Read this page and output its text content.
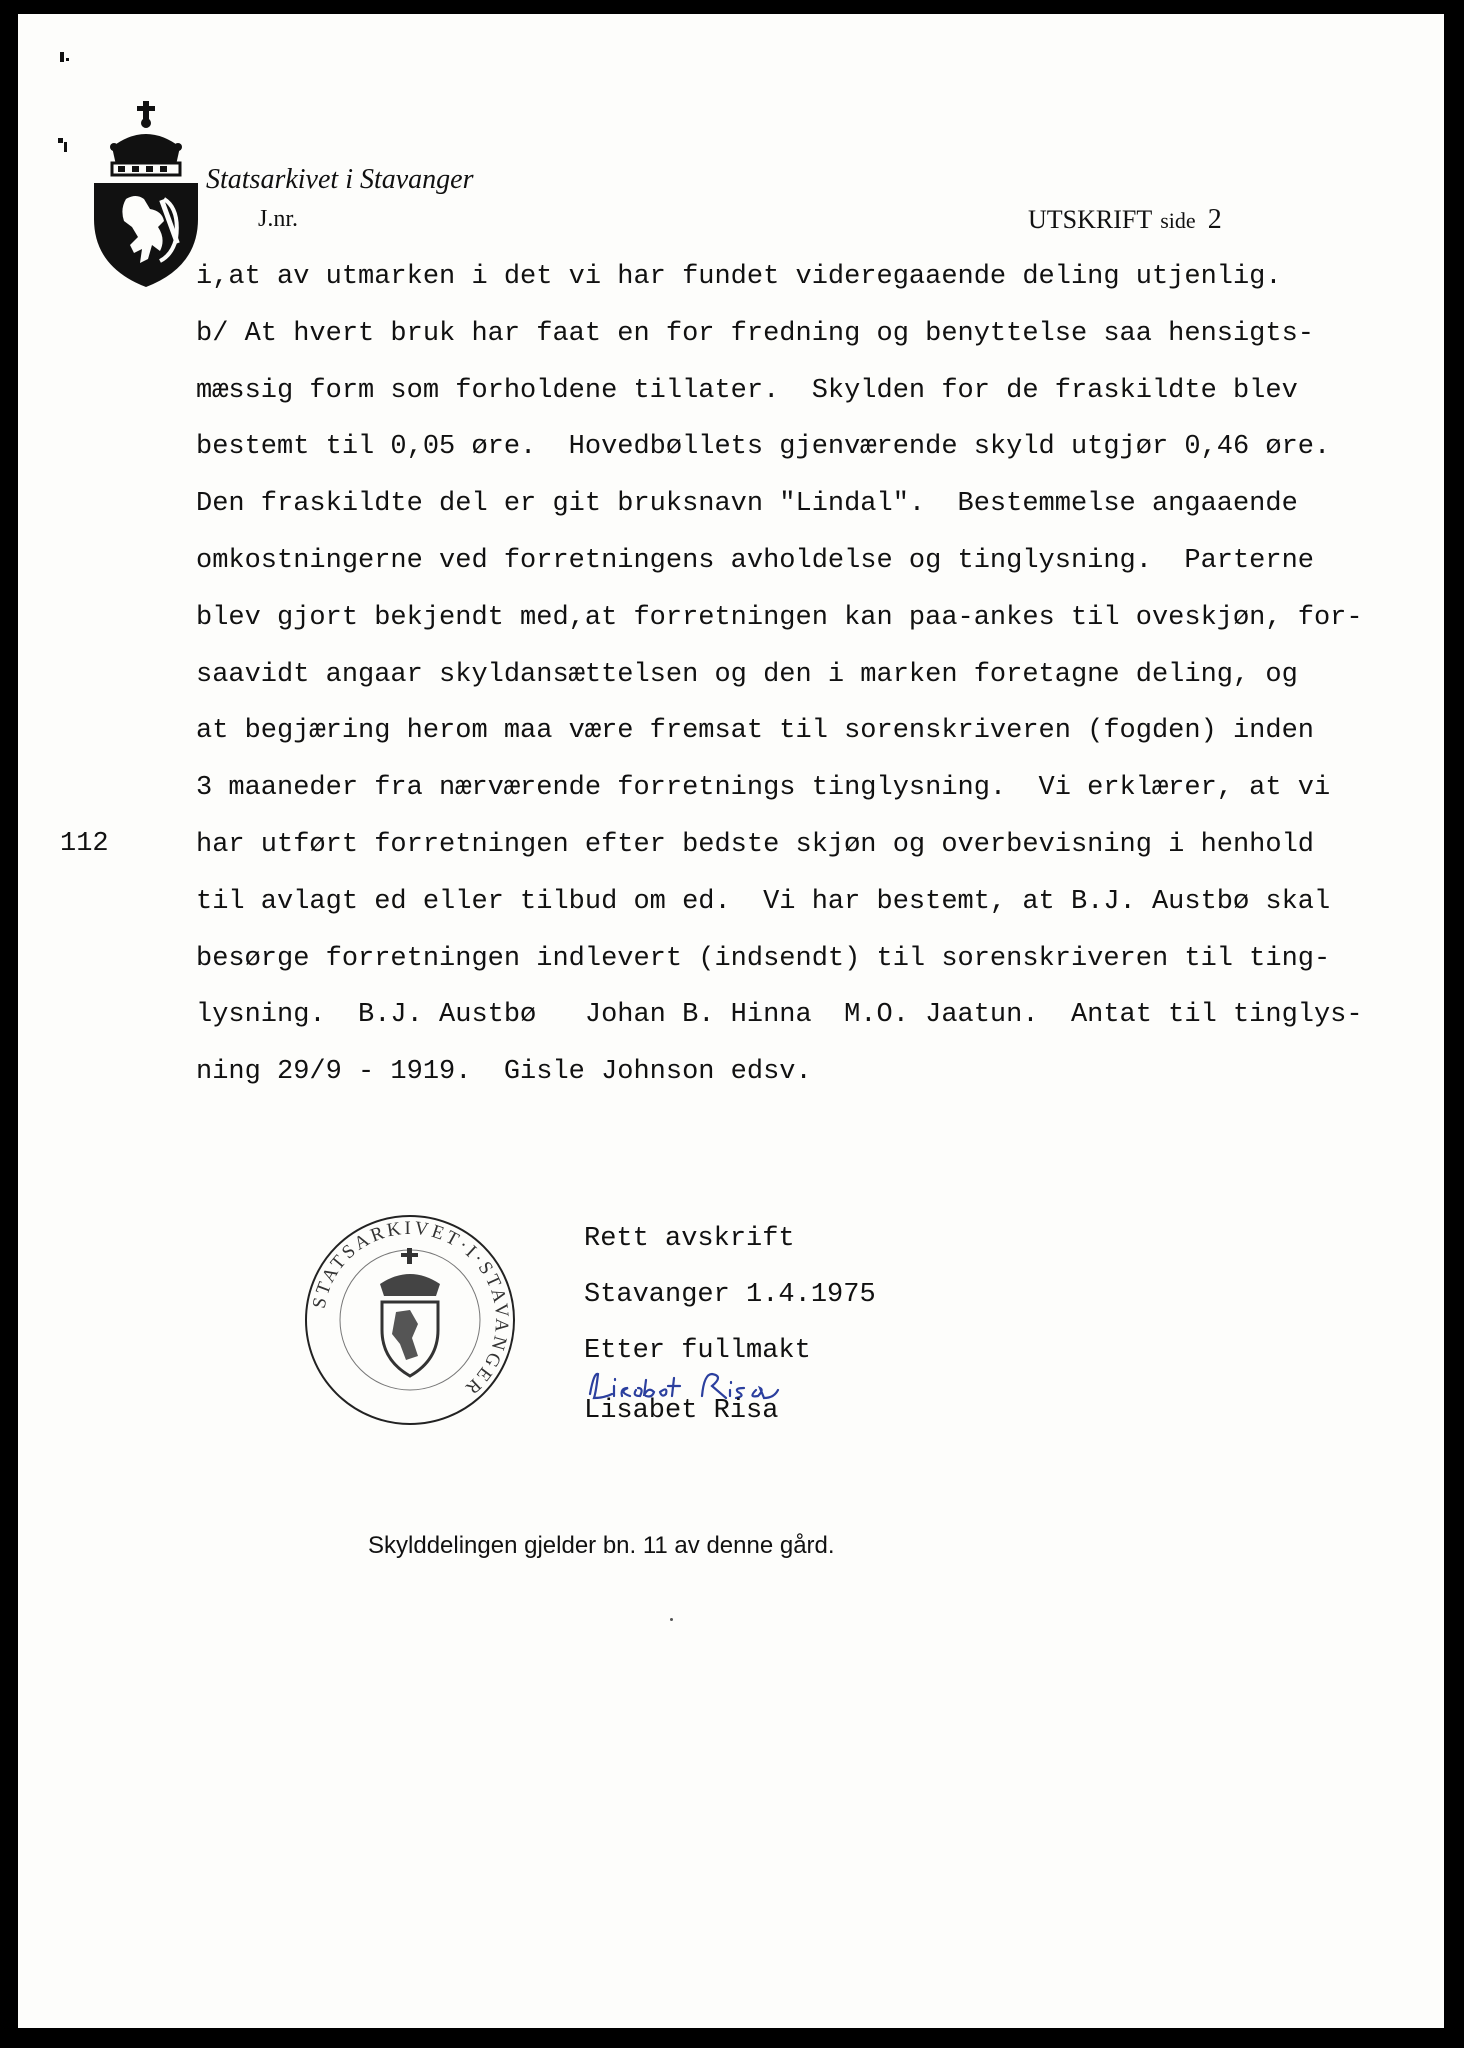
Statsarkivet i Stavanger
J.nr.	UTSKRIFT side 2
i,at av utmarken i det vi har fundet videregaaende deling utjenlig.
b/ At hvert bruk har faat en for fredning og benyttelse saa hensigts-
mæssig form som forholdene tillater.  Skylden for de fraskildte blev
bestemt til 0,05 øre.  Hovedbøllets gjenværende skyld utgjør 0,46 øre.
Den fraskildte del er git bruksnavn "Lindal".  Bestemmelse angaaende
omkostningerne ved forretningens avholdelse og tinglysning.  Parterne
blev gjort bekjendt med,at forretningen kan paa-ankes til oveskjøn, for-
saavidt angaar skyldansættelsen og den i marken foretagne deling, og
at begjæring herom maa være fremsat til sorenskriveren (fogden) inden
3 maaneder fra nærværende forretnings tinglysning.  Vi erklærer, at vi
har utført forretningen efter bedste skjøn og overbevisning i henhold
til avlagt ed eller tilbud om ed.  Vi har bestemt, at B.J. Austbø skal
besørge forretningen indlevert (indsendt) til sorenskriveren til ting-
lysning.  B.J. Austbø   Johan B. Hinna  M.O. Jaatun.  Antat til tinglys-
ning 29/9 - 1919.  Gisle Johnson edsv.
112
STATSARKIVET·I·STAVANGER
Rett avskrift
Stavanger 1.4.1975
Etter fullmakt
Lisabet Risa
Skylddelingen gjelder bn. 11 av denne gård.
